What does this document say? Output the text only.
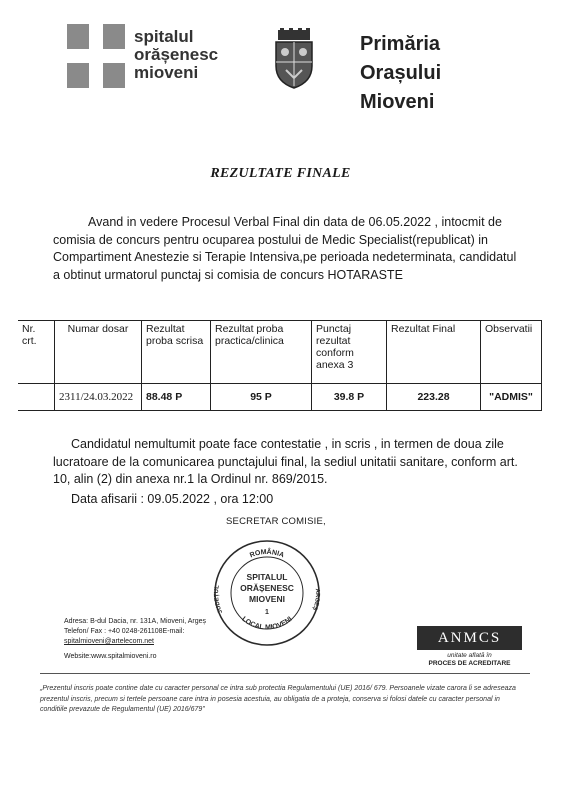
spitalul
orășenesc
mioveni
Primăria
Orașului
Mioveni
REZULTATE FINALE
Avand in vedere Procesul Verbal Final din data de 06.05.2022 , intocmit de comisia de concurs pentru ocuparea postului de Medic Specialist(republicat) in Compartiment Anestezie si Terapie Intensiva,pe perioada nedeterminata, candidatul a obtinut urmatorul punctaj si comisia de concurs HOTARASTE
Nr. crt.	Numar dosar	Rezultat proba scrisa	Rezultat proba practica/clinica	Punctaj rezultat conform anexa 3	Rezultat Final	Observatii
	2311/24.03.2022	88.48 P	95 P	39.8 P	223.28	"ADMIS"
Candidatul nemultumit poate face contestatie , in scris , in termen de doua zile lucratoare de la comunicarea punctajului final, la sediul unitatii sanitare, conform art. 10, alin (2) din anexa nr.1 la Ordinul nr. 869/2015.
Data afisarii : 09.05.2022 , ora 12:00
SECRETAR COMISIE,
ROMÂNIA
LOCAL MIOVENI
JUDEȚUL
ARGEȘ
SPITALUL
ORĂȘENESC
MIOVENI
1
Adresa: B-dul Dacia, nr. 131A, Mioveni, Argeș
Telefon/ Fax : +40 0248-261108E-mail:
spitalmioveni@artelecom.net
Website:www.spitalmioveni.ro
ANMCS
unitate aflată în
PROCES DE ACREDITARE
„Prezentul inscris poate contine date cu caracter personal ce intra sub protectia Regulamentului (UE) 2016/ 679. Persoanele vizate carora li se adreseaza prezentul inscris, precum si tertele persoane care intra in posesia acestuia, au obligatia de a proteja, conserva si folosi datele cu caracter personal in conditiile prevazute de Regulamentul (UE) 2016/679"
